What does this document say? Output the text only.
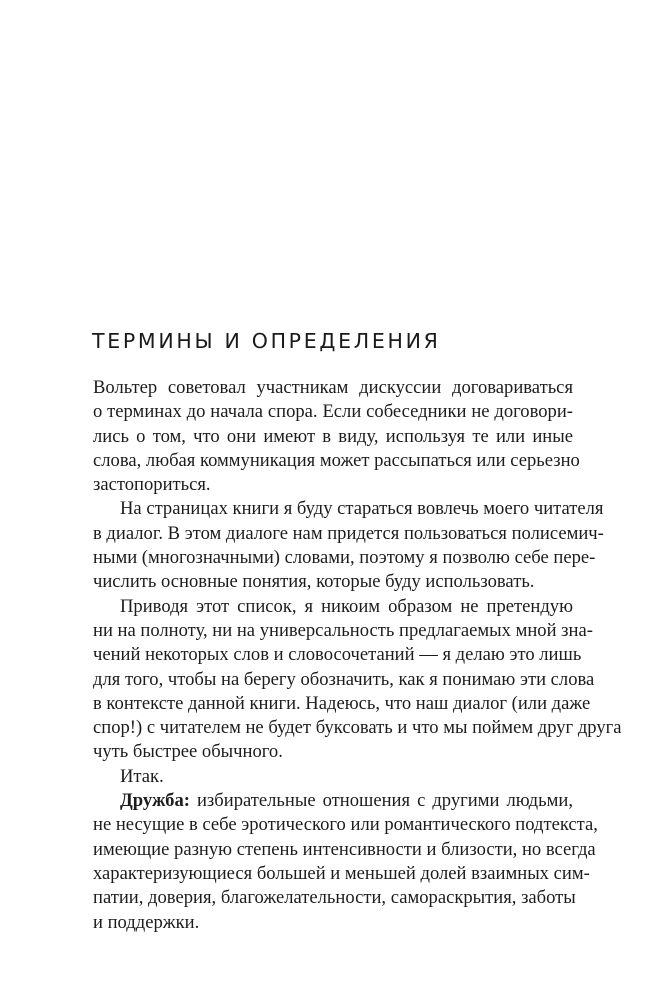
ТЕРМИНЫ И ОПРЕДЕЛЕНИЯ
Вольтер советовал участникам дискуссии договариваться
о терминах до начала спора. Если собеседники не договори-
лись о том, что они имеют в виду, используя те или иные
слова, любая коммуникация может рассыпаться или серьезно
застопориться.
На страницах книги я буду стараться вовлечь моего читателя
в диалог. В этом диалоге нам придется пользоваться полисемич-
ными (многозначными) словами, поэтому я позволю себе пере-
числить основные понятия, которые буду использовать.
Приводя этот список, я никоим образом не претендую
ни на полноту, ни на универсальность предлагаемых мной зна-
чений некоторых слов и словосочетаний — я делаю это лишь
для того, чтобы на берегу обозначить, как я понимаю эти слова
в контексте данной книги. Надеюсь, что наш диалог (или даже
спор!) с читателем не будет буксовать и что мы поймем друг друга
чуть быстрее обычного.
Итак.
Дружба: избирательные отношения с другими людьми,
не несущие в себе эротического или романтического подтекста,
имеющие разную степень интенсивности и близости, но всегда
характеризующиеся большей и меньшей долей взаимных сим-
патии, доверия, благожелательности, самораскрытия, заботы
и поддержки.
